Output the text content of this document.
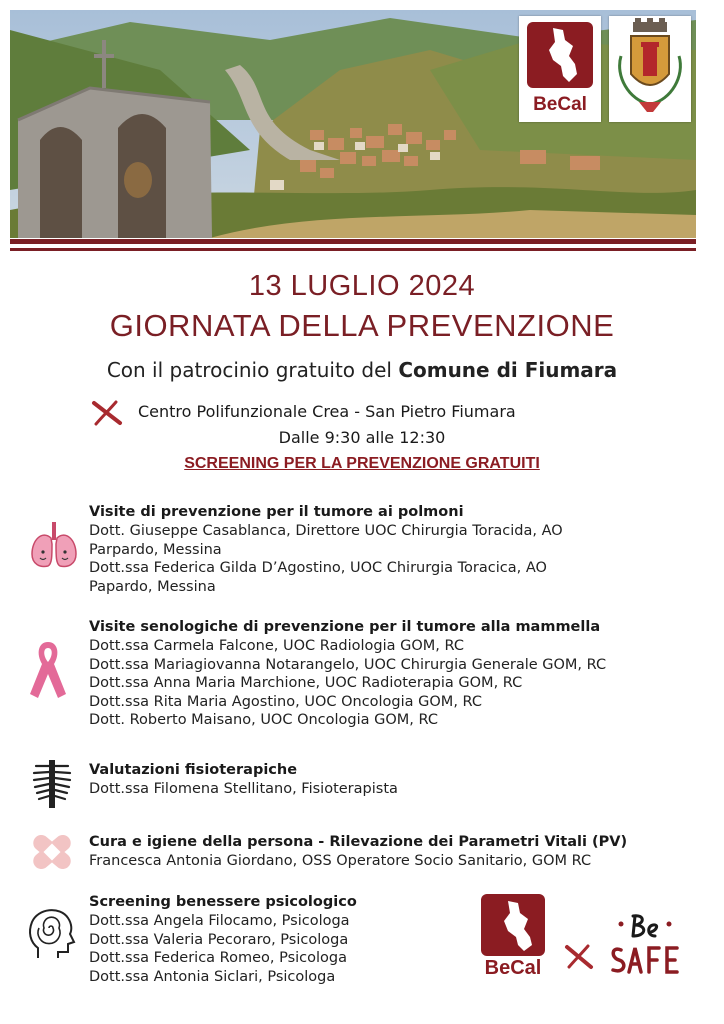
BeCal
13 LUGLIO 2024
GIORNATA DELLA PREVENZIONE
Con il patrocinio gratuito del Comune di Fiumara
Centro Polifunzionale Crea - San Pietro Fiumara
Dalle 9:30 alle 12:30
SCREENING PER LA PREVENZIONE GRATUITI
Visite di prevenzione per il tumore ai polmoni
Dott. Giuseppe Casablanca, Direttore UOC Chirurgia Toracida, AO
Parpardo, Messina
Dott.ssa Federica Gilda D’Agostino, UOC Chirurgia Toracica, AO
Papardo, Messina
Visite senologiche di prevenzione per il tumore alla mammella
Dott.ssa Carmela Falcone, UOC Radiologia GOM, RC
Dott.ssa Mariagiovanna Notarangelo, UOC Chirurgia Generale GOM, RC
Dott.ssa Anna Maria Marchione, UOC Radioterapia GOM, RC
Dott.ssa Rita Maria Agostino, UOC Oncologia GOM, RC
Dott. Roberto Maisano, UOC Oncologia GOM, RC
Valutazioni fisioterapiche
Dott.ssa Filomena Stellitano, Fisioterapista
Cura e igiene della persona - Rilevazione dei Parametri Vitali (PV)
Francesca Antonia Giordano, OSS Operatore Socio Sanitario, GOM RC
Screening benessere psicologico
Dott.ssa Angela Filocamo, Psicologa
Dott.ssa Valeria Pecoraro, Psicologa
Dott.ssa Federica Romeo, Psicologa
Dott.ssa Antonia Siclari, Psicologa	BeCal
